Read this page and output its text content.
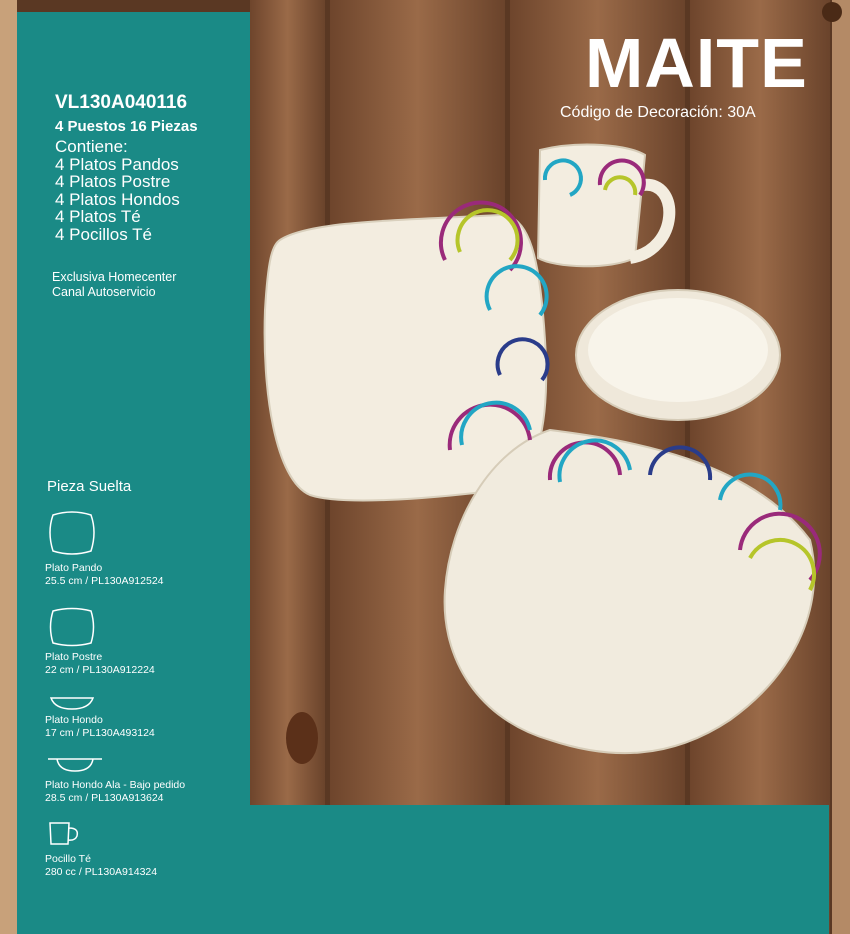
MAITE
Código de Decoración: 30A
VL130A040116
4 Puestos 16 Piezas
Contiene:
4 Platos Pandos
4 Platos Postre
4 Platos Hondos
4 Platos Té
4 Pocillos Té
Exclusiva Homecenter
Canal Autoservicio
Pieza Suelta
Plato Pando
25.5 cm / PL130A912524
Plato Postre
22 cm / PL130A912224
Plato Hondo
17 cm / PL130A493124
Plato Hondo Ala - Bajo pedido
28.5 cm / PL130A913624
Pocillo Té
280 cc / PL130A914324
